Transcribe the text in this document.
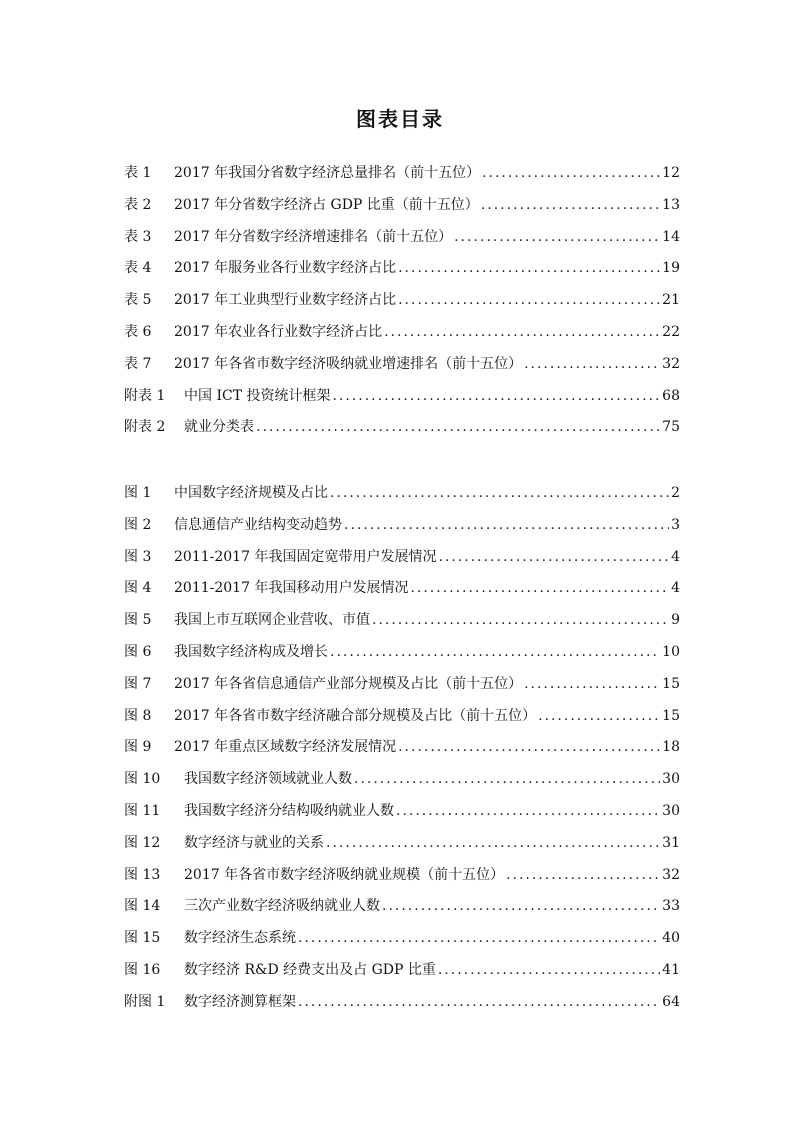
图表目录
表 1	2017 年我国分省数字经济总量排名（前十五位） .....	12
表 2	2017 年分省数字经济占 GDP 比重（前十五位） .....	13
表 3	2017 年分省数字经济增速排名（前十五位） .....	14
表 4	2017 年服务业各行业数字经济占比 .....	19
表 5	2017 年工业典型行业数字经济占比 .....	21
表 6	2017 年农业各行业数字经济占比 .....	22
表 7	2017 年各省市数字经济吸纳就业增速排名（前十五位） .....	32
附表 1	中国 ICT 投资统计框架 .....	68
附表 2	就业分类表 .....	75
图 1	中国数字经济规模及占比 .....	2
图 2	信息通信产业结构变动趋势 .....	3
图 3	2011-2017 年我国固定宽带用户发展情况 .....	4
图 4	2011-2017 年我国移动用户发展情况 .....	4
图 5	我国上市互联网企业营收、市值 .....	9
图 6	我国数字经济构成及增长 .....	10
图 7	2017 年各省信息通信产业部分规模及占比（前十五位） .....	15
图 8	2017 年各省市数字经济融合部分规模及占比（前十五位） .....	15
图 9	2017 年重点区域数字经济发展情况 .....	18
图 10	我国数字经济领域就业人数 .....	30
图 11	我国数字经济分结构吸纳就业人数 .....	30
图 12	数字经济与就业的关系 .....	31
图 13	2017 年各省市数字经济吸纳就业规模（前十五位） .....	32
图 14	三次产业数字经济吸纳就业人数 .....	33
图 15	数字经济生态系统 .....	40
图 16	数字经济 R&D 经费支出及占 GDP 比重 .....	41
附图 1	数字经济测算框架 .....	64
